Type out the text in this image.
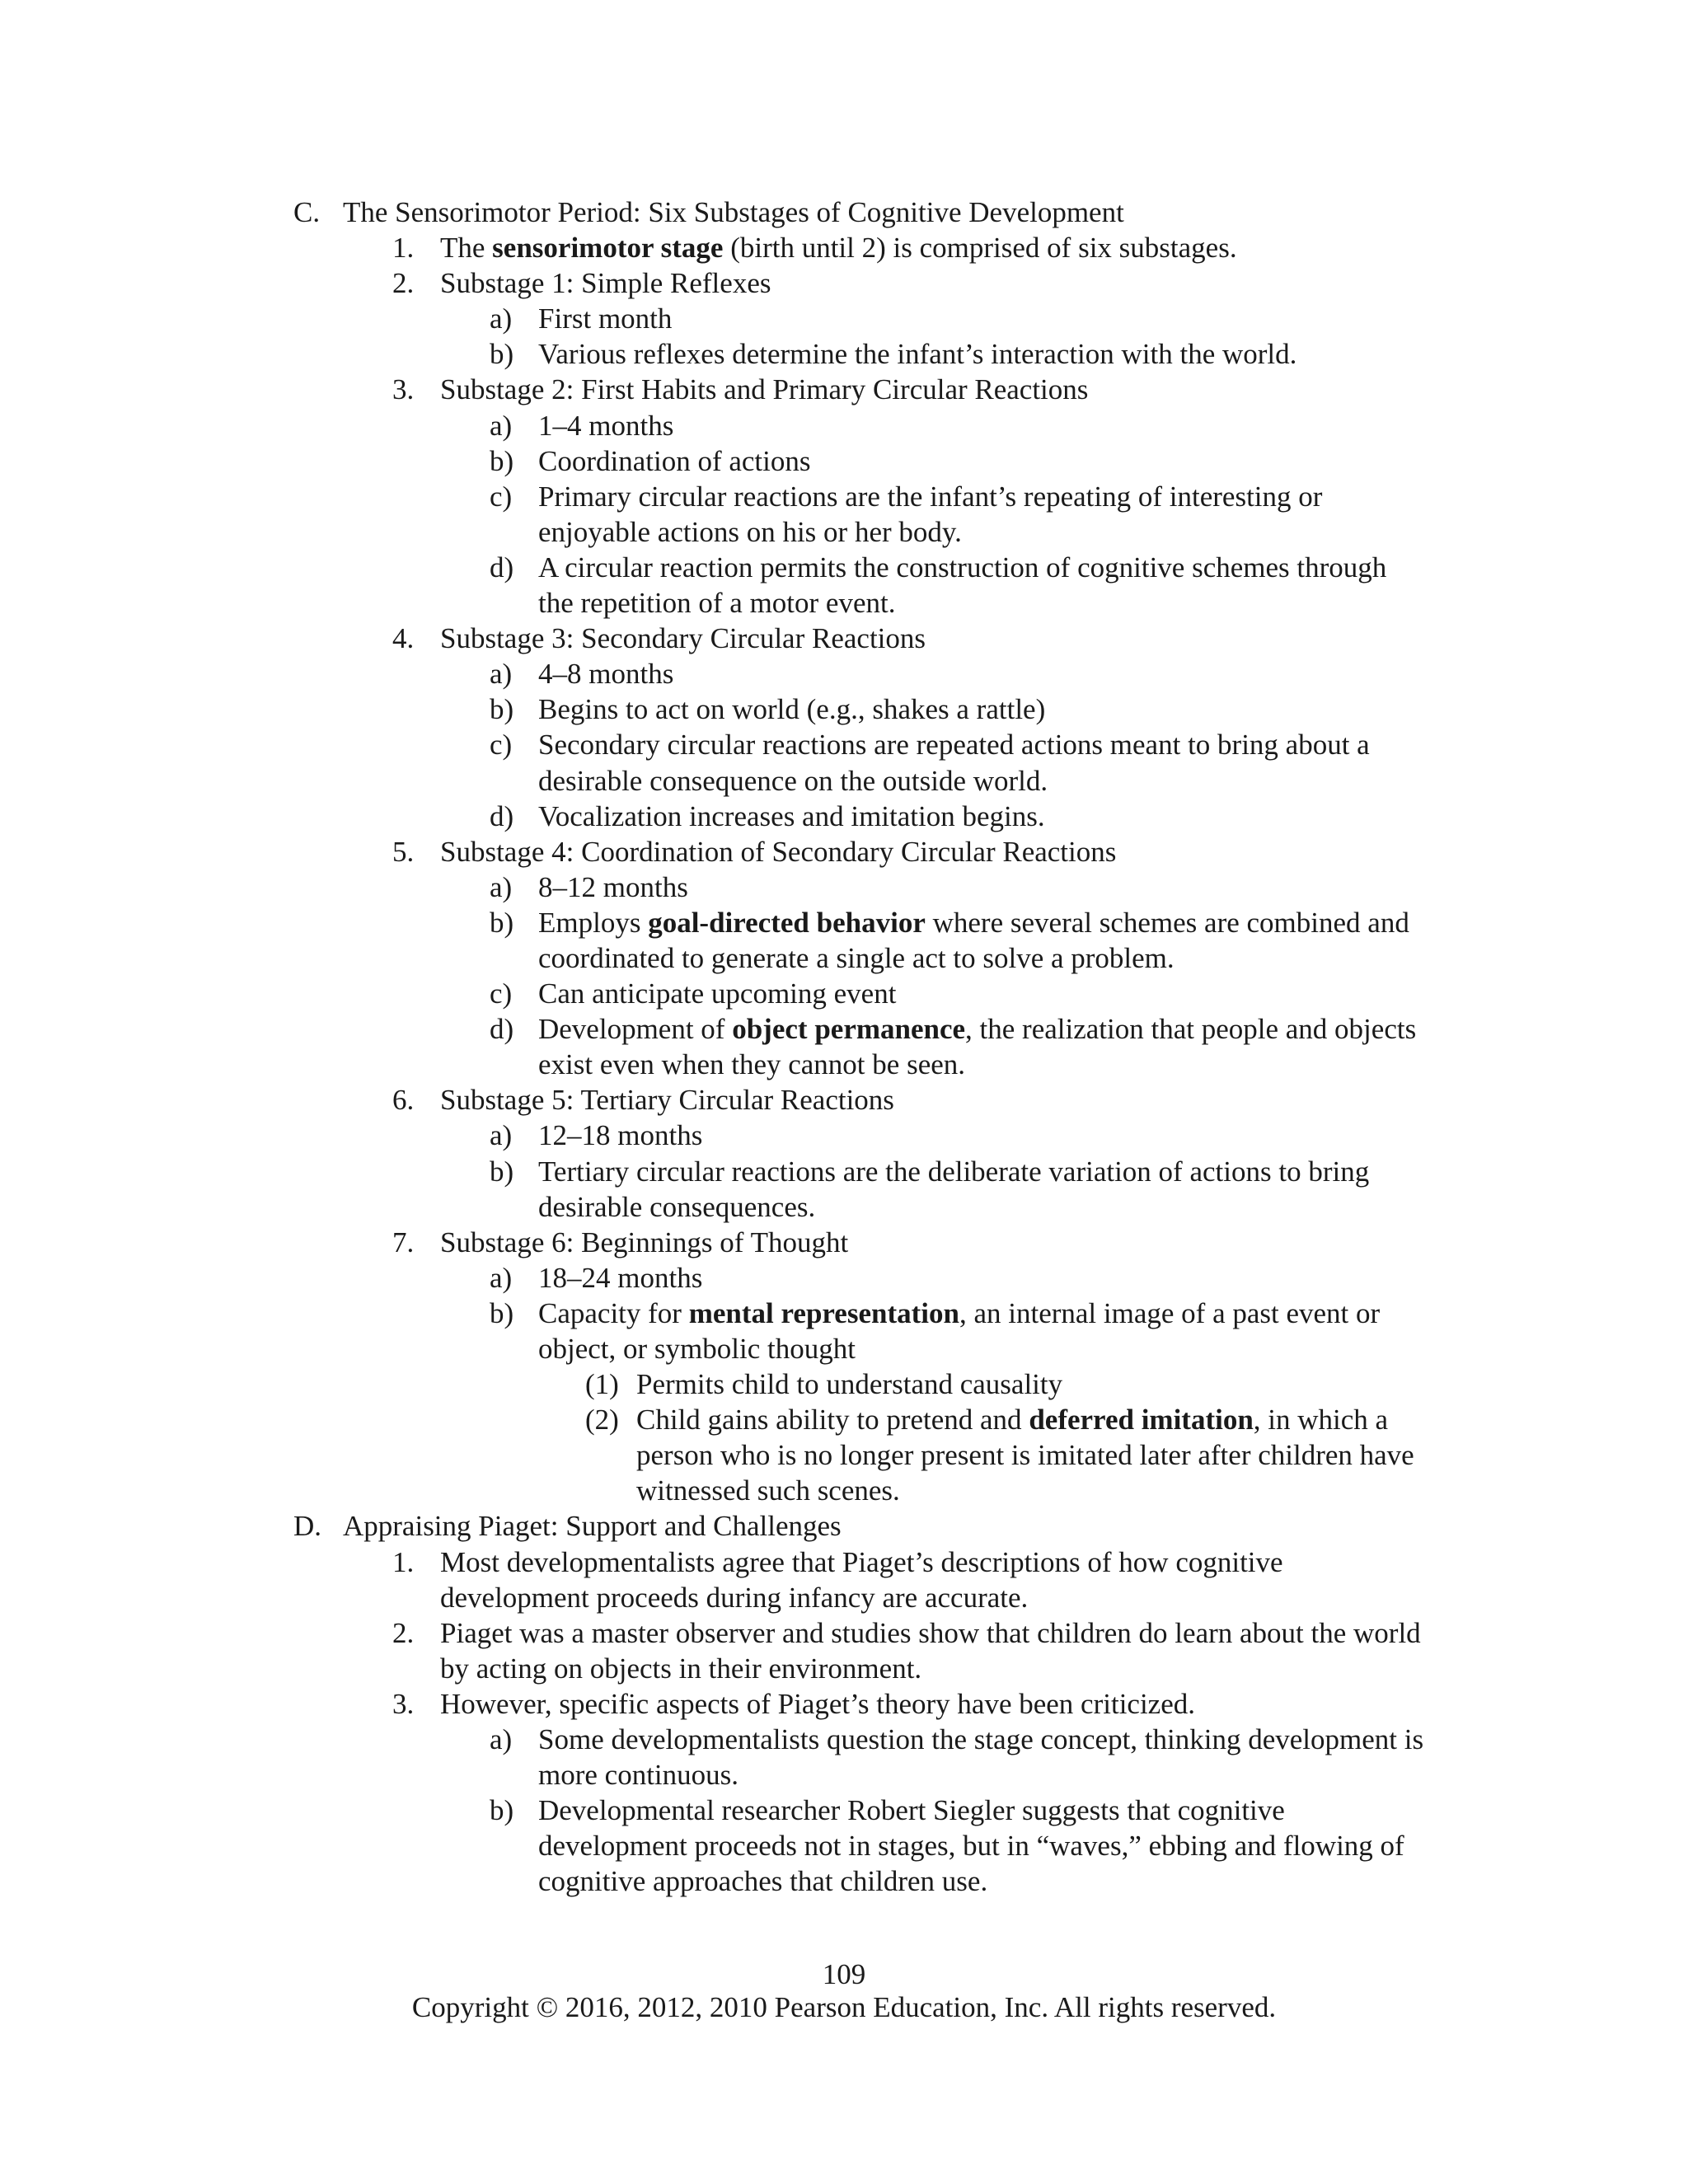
C. The Sensorimotor Period: Six Substages of Cognitive Development
1. The sensorimotor stage (birth until 2) is comprised of six substages.
2. Substage 1: Simple Reflexes
a) First month
b) Various reflexes determine the infant’s interaction with the world.
3. Substage 2: First Habits and Primary Circular Reactions
a) 1–4 months
b) Coordination of actions
c) Primary circular reactions are the infant’s repeating of interesting or
enjoyable actions on his or her body.
d) A circular reaction permits the construction of cognitive schemes through
the repetition of a motor event.
4. Substage 3: Secondary Circular Reactions
a) 4–8 months
b) Begins to act on world (e.g., shakes a rattle)
c) Secondary circular reactions are repeated actions meant to bring about a
desirable consequence on the outside world.
d) Vocalization increases and imitation begins.
5. Substage 4: Coordination of Secondary Circular Reactions
a) 8–12 months
b) Employs goal-directed behavior where several schemes are combined and
coordinated to generate a single act to solve a problem.
c) Can anticipate upcoming event
d) Development of object permanence, the realization that people and objects
exist even when they cannot be seen.
6. Substage 5: Tertiary Circular Reactions
a) 12–18 months
b) Tertiary circular reactions are the deliberate variation of actions to bring
desirable consequences.
7. Substage 6: Beginnings of Thought
a) 18–24 months
b) Capacity for mental representation, an internal image of a past event or
object, or symbolic thought
(1) Permits child to understand causality
(2) Child gains ability to pretend and deferred imitation, in which a
person who is no longer present is imitated later after children have
witnessed such scenes.
D. Appraising Piaget: Support and Challenges
1. Most developmentalists agree that Piaget’s descriptions of how cognitive
development proceeds during infancy are accurate.
2. Piaget was a master observer and studies show that children do learn about the world
by acting on objects in their environment.
3. However, specific aspects of Piaget’s theory have been criticized.
a) Some developmentalists question the stage concept, thinking development is
more continuous.
b) Developmental researcher Robert Siegler suggests that cognitive
development proceeds not in stages, but in “waves,” ebbing and flowing of
cognitive approaches that children use.
109
Copyright © 2016, 2012, 2010 Pearson Education, Inc. All rights reserved.
